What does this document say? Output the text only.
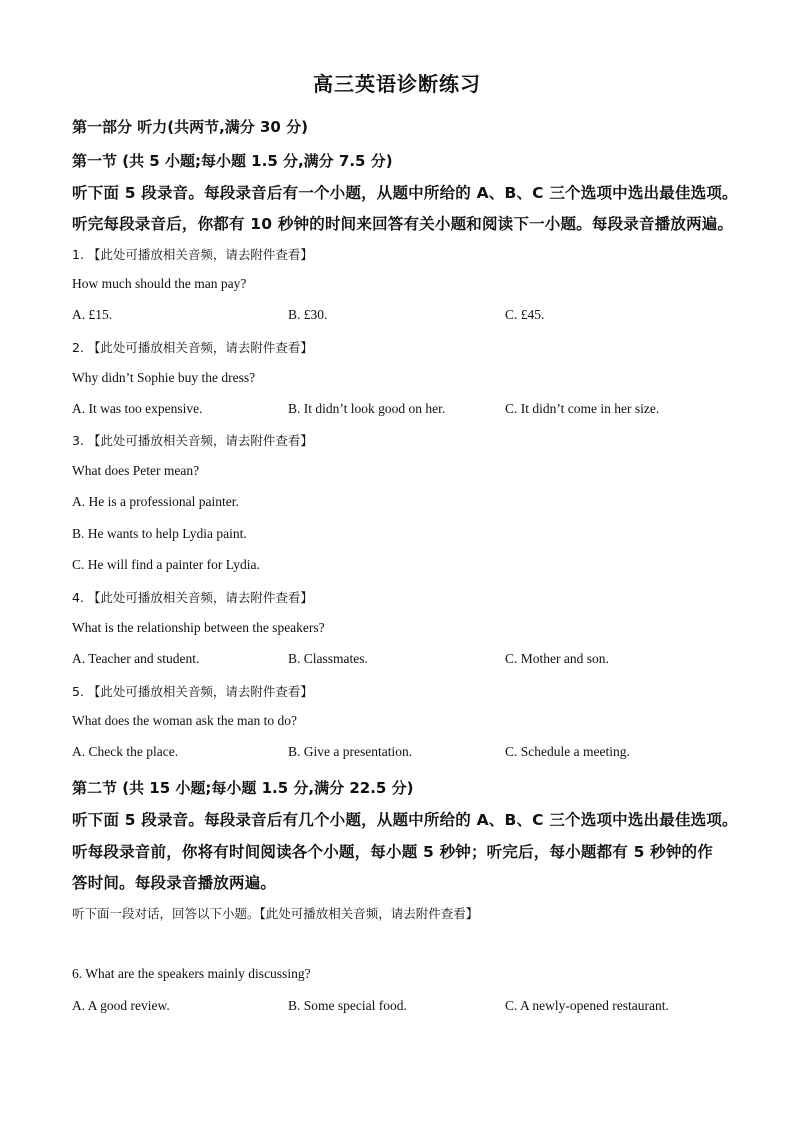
高三英语诊断练习
第一部分 听力(共两节,满分 30 分)
第一节 (共 5 小题;每小题 1.5 分,满分 7.5 分)
听下面 5 段录音。每段录音后有一个小题，从题中所给的 A、B、C 三个选项中选出最佳选项。
听完每段录音后，你都有 10 秒钟的时间来回答有关小题和阅读下一小题。每段录音播放两遍。
1. 【此处可播放相关音频，请去附件查看】
How much should the man pay?
A. £15.	B. £30.	C. £45.
2. 【此处可播放相关音频，请去附件查看】
Why didn’t Sophie buy the dress?
A. It was too expensive.	B. It didn’t look good on her.	C. It didn’t come in her size.
3. 【此处可播放相关音频，请去附件查看】
What does Peter mean?
A. He is a professional painter.
B. He wants to help Lydia paint.
C. He will find a painter for Lydia.
4. 【此处可播放相关音频，请去附件查看】
What is the relationship between the speakers?
A. Teacher and student.	B. Classmates.	C. Mother and son.
5. 【此处可播放相关音频，请去附件查看】
What does the woman ask the man to do?
A. Check the place.	B. Give a presentation.	C. Schedule a meeting.
第二节 (共 15 小题;每小题 1.5 分,满分 22.5 分)
听下面 5 段录音。每段录音后有几个小题，从题中所给的 A、B、C 三个选项中选出最佳选项。
听每段录音前，你将有时间阅读各个小题，每小题 5 秒钟；听完后，每小题都有 5 秒钟的作
答时间。每段录音播放两遍。
听下面一段对话，回答以下小题。【此处可播放相关音频，请去附件查看】
6. What are the speakers mainly discussing?
A. A good review.	B. Some special food.	C. A newly-opened restaurant.
